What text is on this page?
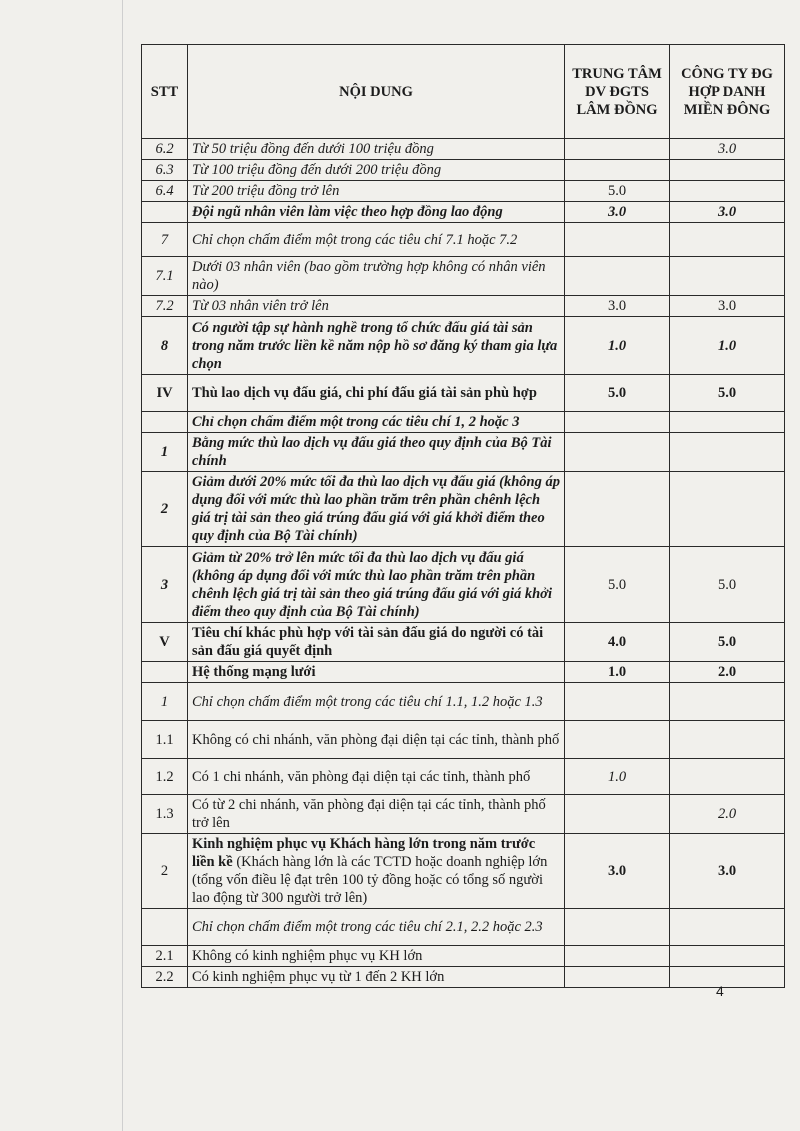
STT	NỘI DUNG	TRUNG TÂM DV ĐGTS LÂM ĐỒNG	CÔNG TY ĐG HỢP DANH MIỀN ĐÔNG
6.2	Từ 50 triệu đồng đến dưới 100 triệu đồng		3.0
6.3	Từ 100 triệu đồng đến dưới 200 triệu đồng		
6.4	Từ 200 triệu đồng trở lên	5.0	
	Đội ngũ nhân viên làm việc theo hợp đồng lao động	3.0	3.0
7	Chỉ chọn chấm điểm một trong các tiêu chí 7.1 hoặc 7.2		
7.1	Dưới 03 nhân viên (bao gồm trường hợp không có nhân viên nào)		
7.2	Từ 03 nhân viên trở lên	3.0	3.0
8	Có người tập sự hành nghề trong tổ chức đấu giá tài sản trong năm trước liền kề năm nộp hồ sơ đăng ký tham gia lựa chọn	1.0	1.0
IV	Thù lao dịch vụ đấu giá, chi phí đấu giá tài sản phù hợp	5.0	5.0
	Chỉ chọn chấm điểm một trong các tiêu chí 1, 2 hoặc 3		
1	Bằng mức thù lao dịch vụ đấu giá theo quy định của Bộ Tài chính		
2	Giảm dưới 20% mức tối đa thù lao dịch vụ đấu giá (không áp dụng đối với mức thù lao phần trăm trên phần chênh lệch giá trị tài sản theo giá trúng đấu giá với giá khởi điểm theo quy định của Bộ Tài chính)		
3	Giảm từ 20% trở lên mức tối đa thù lao dịch vụ đấu giá (không áp dụng đối với mức thù lao phần trăm trên phần chênh lệch giá trị tài sản theo giá trúng đấu giá với giá khởi điểm theo quy định của Bộ Tài chính)	5.0	5.0
V	Tiêu chí khác phù hợp với tài sản đấu giá do người có tài sản đấu giá quyết định	4.0	5.0
	Hệ thống mạng lưới	1.0	2.0
1	Chỉ chọn chấm điểm một trong các tiêu chí 1.1, 1.2 hoặc 1.3		
1.1	Không có chi nhánh, văn phòng đại diện tại các tỉnh, thành phố		
1.2	Có 1 chi nhánh, văn phòng đại diện tại các tỉnh, thành phố	1.0	
1.3	Có từ 2 chi nhánh, văn phòng đại diện tại các tỉnh, thành phố trở lên		2.0
2	Kinh nghiệm phục vụ Khách hàng lớn trong năm trước liền kề (Khách hàng lớn là các TCTD hoặc doanh nghiệp lớn (tổng vốn điều lệ đạt trên 100 tỷ đồng hoặc có tổng số người lao động từ 300 người trở lên)	3.0	3.0
	Chỉ chọn chấm điểm một trong các tiêu chí 2.1, 2.2 hoặc 2.3		
2.1	Không có kinh nghiệm phục vụ KH lớn		
2.2	Có kinh nghiệm phục vụ từ 1 đến 2 KH lớn		
4
